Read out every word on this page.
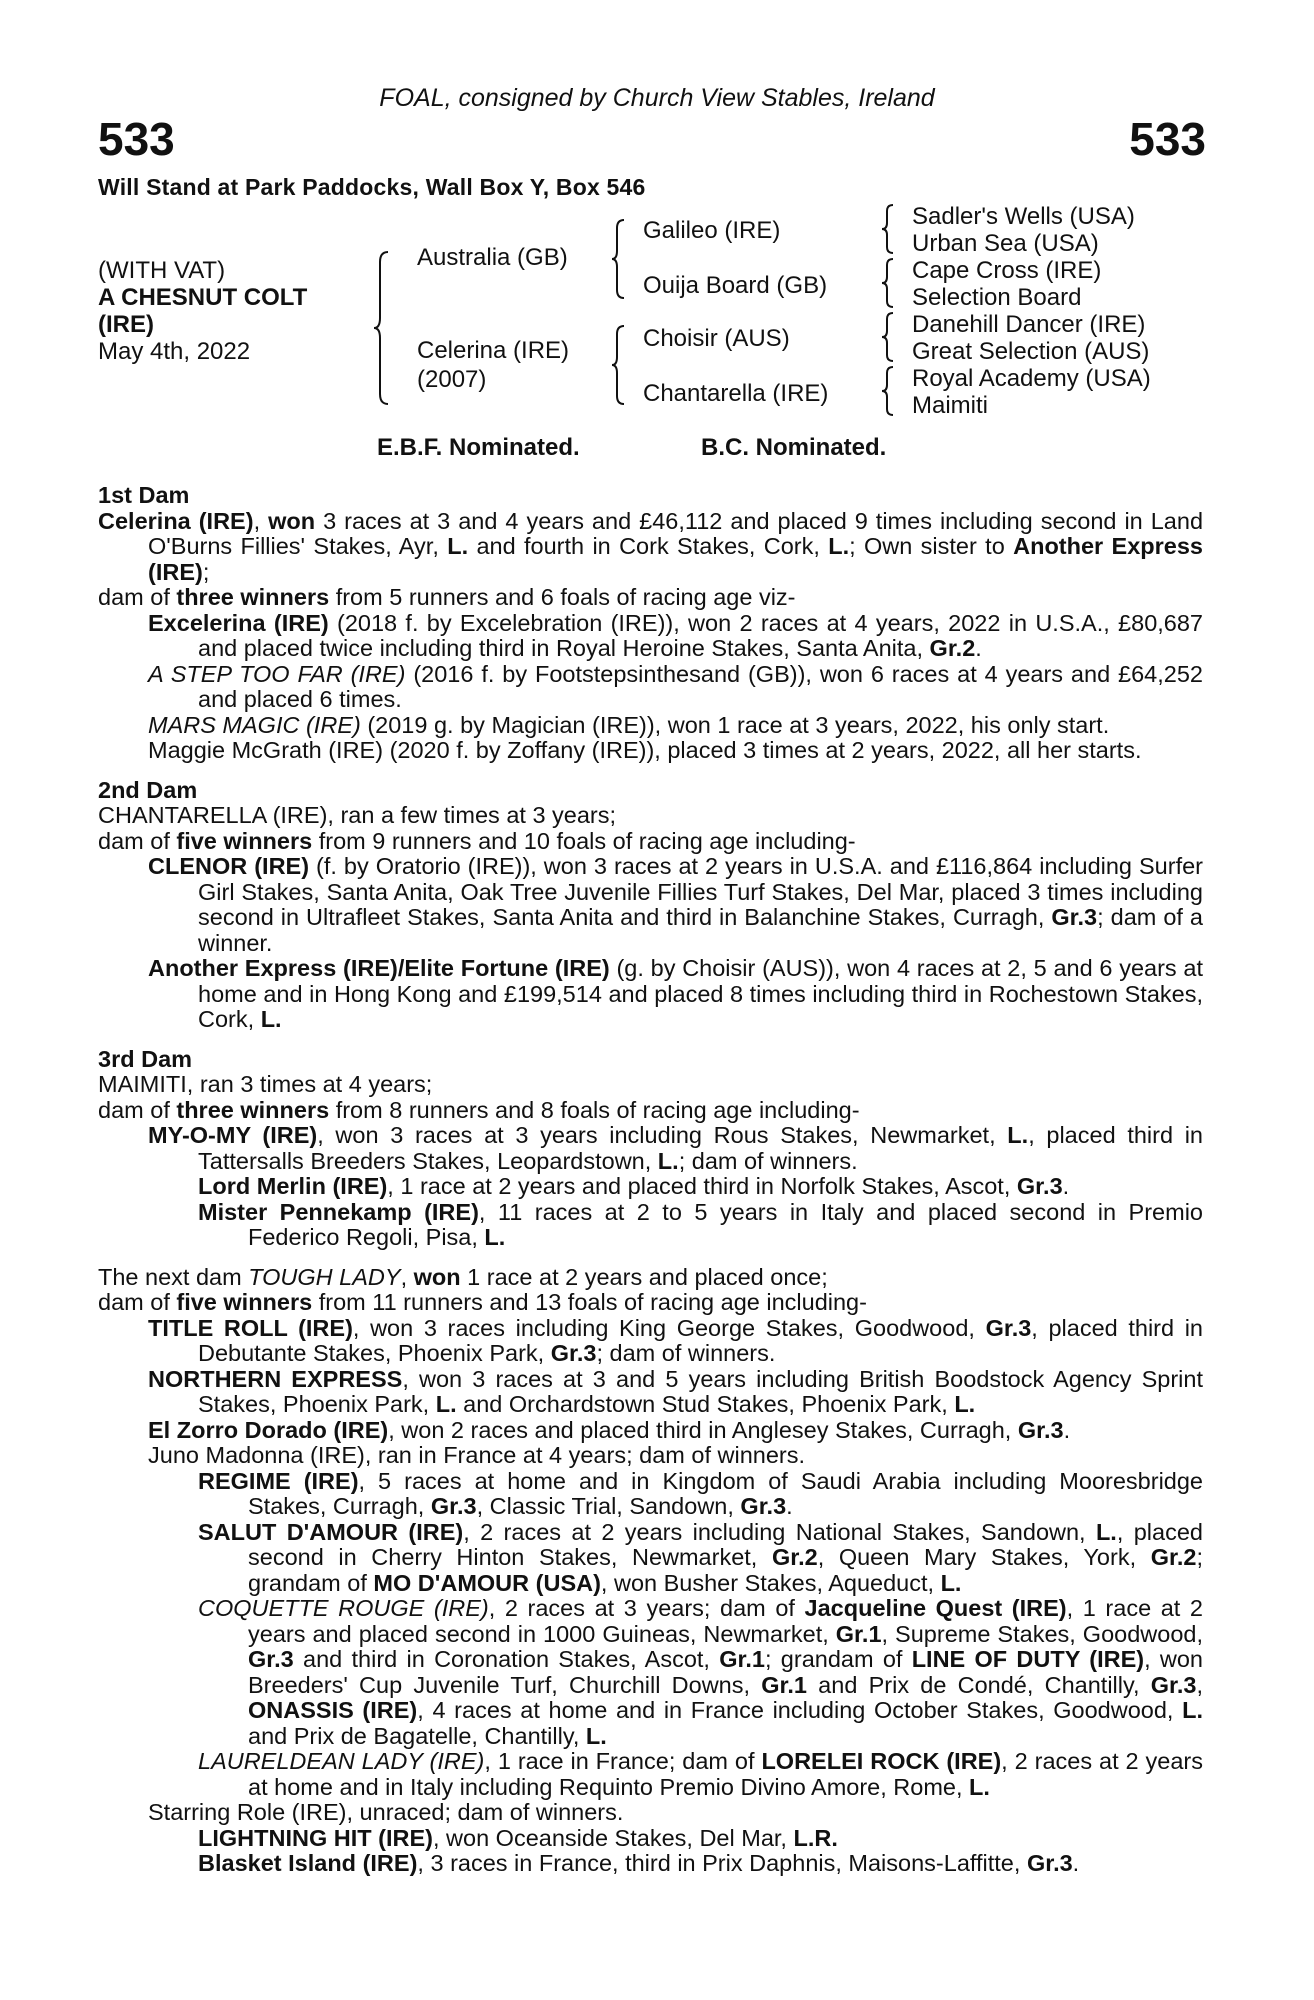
FOAL, consigned by Church View Stables, Ireland
533	533
Will Stand at Park Paddocks, Wall Box Y, Box 546
(WITH VAT)
A CHESNUT COLT
(IRE)
May 4th, 2022
Australia (GB)
Celerina (IRE)
(2007)
Galileo (IRE)
Ouija Board (GB)
Choisir (AUS)
Chantarella (IRE)
Sadler's Wells (USA)
Urban Sea (USA)
Cape Cross (IRE)
Selection Board
Danehill Dancer (IRE)
Great Selection (AUS)
Royal Academy (USA)
Maimiti
E.B.F. Nominated.	B.C. Nominated.
1st Dam
Celerina (IRE), won 3 races at 3 and 4 years and £46,112 and placed 9 times including second in Land O'Burns Fillies' Stakes, Ayr, L. and fourth in Cork Stakes, Cork, L.; Own sister to Another Express (IRE);
dam of three winners from 5 runners and 6 foals of racing age viz-
Excelerina (IRE) (2018 f. by Excelebration (IRE)), won 2 races at 4 years, 2022 in U.S.A., £80,687 and placed twice including third in Royal Heroine Stakes, Santa Anita, Gr.2.
A STEP TOO FAR (IRE) (2016 f. by Footstepsinthesand (GB)), won 6 races at 4 years and £64,252 and placed 6 times.
MARS MAGIC (IRE) (2019 g. by Magician (IRE)), won 1 race at 3 years, 2022, his only start.
Maggie McGrath (IRE) (2020 f. by Zoffany (IRE)), placed 3 times at 2 years, 2022, all her starts.
2nd Dam
CHANTARELLA (IRE), ran a few times at 3 years;
dam of five winners from 9 runners and 10 foals of racing age including-
CLENOR (IRE) (f. by Oratorio (IRE)), won 3 races at 2 years in U.S.A. and £116,864 including Surfer Girl Stakes, Santa Anita, Oak Tree Juvenile Fillies Turf Stakes, Del Mar, placed 3 times including second in Ultrafleet Stakes, Santa Anita and third in Balanchine Stakes, Curragh, Gr.3; dam of a winner.
Another Express (IRE)/Elite Fortune (IRE) (g. by Choisir (AUS)), won 4 races at 2, 5 and 6 years at home and in Hong Kong and £199,514 and placed 8 times including third in Rochestown Stakes, Cork, L.
3rd Dam
MAIMITI, ran 3 times at 4 years;
dam of three winners from 8 runners and 8 foals of racing age including-
MY-O-MY (IRE), won 3 races at 3 years including Rous Stakes, Newmarket, L., placed third in Tattersalls Breeders Stakes, Leopardstown, L.; dam of winners.
Lord Merlin (IRE), 1 race at 2 years and placed third in Norfolk Stakes, Ascot, Gr.3.
Mister Pennekamp (IRE), 11 races at 2 to 5 years in Italy and placed second in Premio Federico Regoli, Pisa, L.
The next dam TOUGH LADY, won 1 race at 2 years and placed once;
dam of five winners from 11 runners and 13 foals of racing age including-
TITLE ROLL (IRE), won 3 races including King George Stakes, Goodwood, Gr.3, placed third in Debutante Stakes, Phoenix Park, Gr.3; dam of winners.
NORTHERN EXPRESS, won 3 races at 3 and 5 years including British Boodstock Agency Sprint Stakes, Phoenix Park, L. and Orchardstown Stud Stakes, Phoenix Park, L.
El Zorro Dorado (IRE), won 2 races and placed third in Anglesey Stakes, Curragh, Gr.3.
Juno Madonna (IRE), ran in France at 4 years; dam of winners.
REGIME (IRE), 5 races at home and in Kingdom of Saudi Arabia including Mooresbridge Stakes, Curragh, Gr.3, Classic Trial, Sandown, Gr.3.
SALUT D'AMOUR (IRE), 2 races at 2 years including National Stakes, Sandown, L., placed second in Cherry Hinton Stakes, Newmarket, Gr.2, Queen Mary Stakes, York, Gr.2; grandam of MO D'AMOUR (USA), won Busher Stakes, Aqueduct, L.
COQUETTE ROUGE (IRE), 2 races at 3 years; dam of Jacqueline Quest (IRE), 1 race at 2 years and placed second in 1000 Guineas, Newmarket, Gr.1, Supreme Stakes, Goodwood, Gr.3 and third in Coronation Stakes, Ascot, Gr.1; grandam of LINE OF DUTY (IRE), won Breeders' Cup Juvenile Turf, Churchill Downs, Gr.1 and Prix de Condé, Chantilly, Gr.3, ONASSIS (IRE), 4 races at home and in France including October Stakes, Goodwood, L. and Prix de Bagatelle, Chantilly, L.
LAURELDEAN LADY (IRE), 1 race in France; dam of LORELEI ROCK (IRE), 2 races at 2 years at home and in Italy including Requinto Premio Divino Amore, Rome, L.
Starring Role (IRE), unraced; dam of winners.
LIGHTNING HIT (IRE), won Oceanside Stakes, Del Mar, L.R.
Blasket Island (IRE), 3 races in France, third in Prix Daphnis, Maisons-Laffitte, Gr.3.
